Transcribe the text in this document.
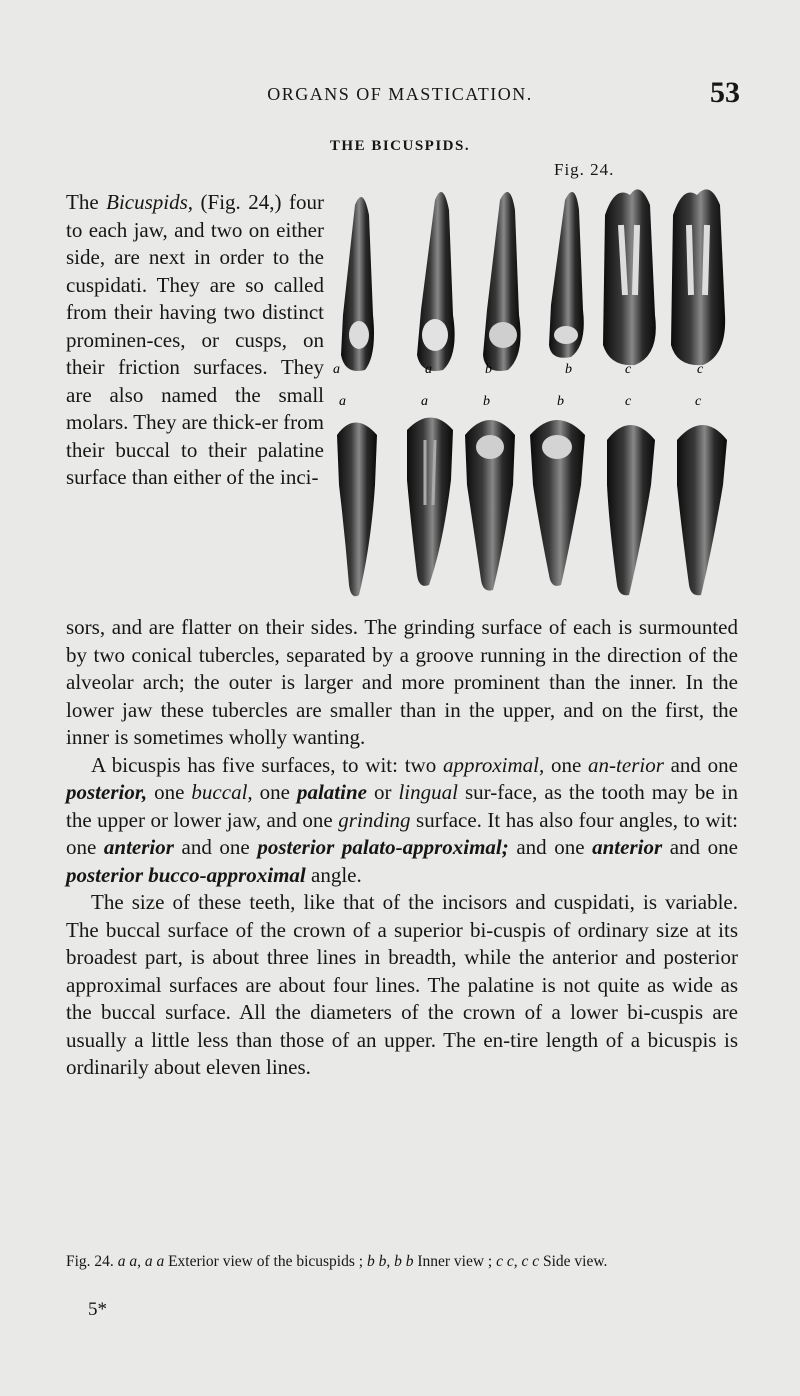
ORGANS OF MASTICATION.	53
THE BICUSPIDS.
Fig. 24.
The Bicuspids, (Fig. 24,) four to each jaw, and two on either side, are next in order to the cuspidati. They are so called from their having two distinct prominen-ces, or cusps, on their friction surfaces. They are also named the small molars. They are thick-er from their buccal to their palatine surface than either of the inci-
a	a	b	b	c	c
a	a	b	b	c	c

sors, and are flatter on their sides. The grinding surface of each is surmounted by two conical tubercles, separated by a groove running in the direction of the alveolar arch; the outer is larger and more prominent than the inner. In the lower jaw these tubercles are smaller than in the upper, and on the first, the inner is sometimes wholly wanting.

A bicuspis has five surfaces, to wit: two approximal, one an-terior and one posterior, one buccal, one palatine or lingual sur-face, as the tooth may be in the upper or lower jaw, and one grinding surface. It has also four angles, to wit: one anterior and one posterior palato-approximal; and one anterior and one posterior bucco-approximal angle.

The size of these teeth, like that of the incisors and cuspidati, is variable. The buccal surface of the crown of a superior bi-cuspis of ordinary size at its broadest part, is about three lines in breadth, while the anterior and posterior approximal surfaces are about four lines. The palatine is not quite as wide as the buccal surface. All the diameters of the crown of a lower bi-cuspis are usually a little less than those of an upper. The en-tire length of a bicuspis is ordinarily about eleven lines.

Fig. 24. a a, a a Exterior view of the bicuspids ; b b, b b Inner view ; c c, c c Side view.
5*
